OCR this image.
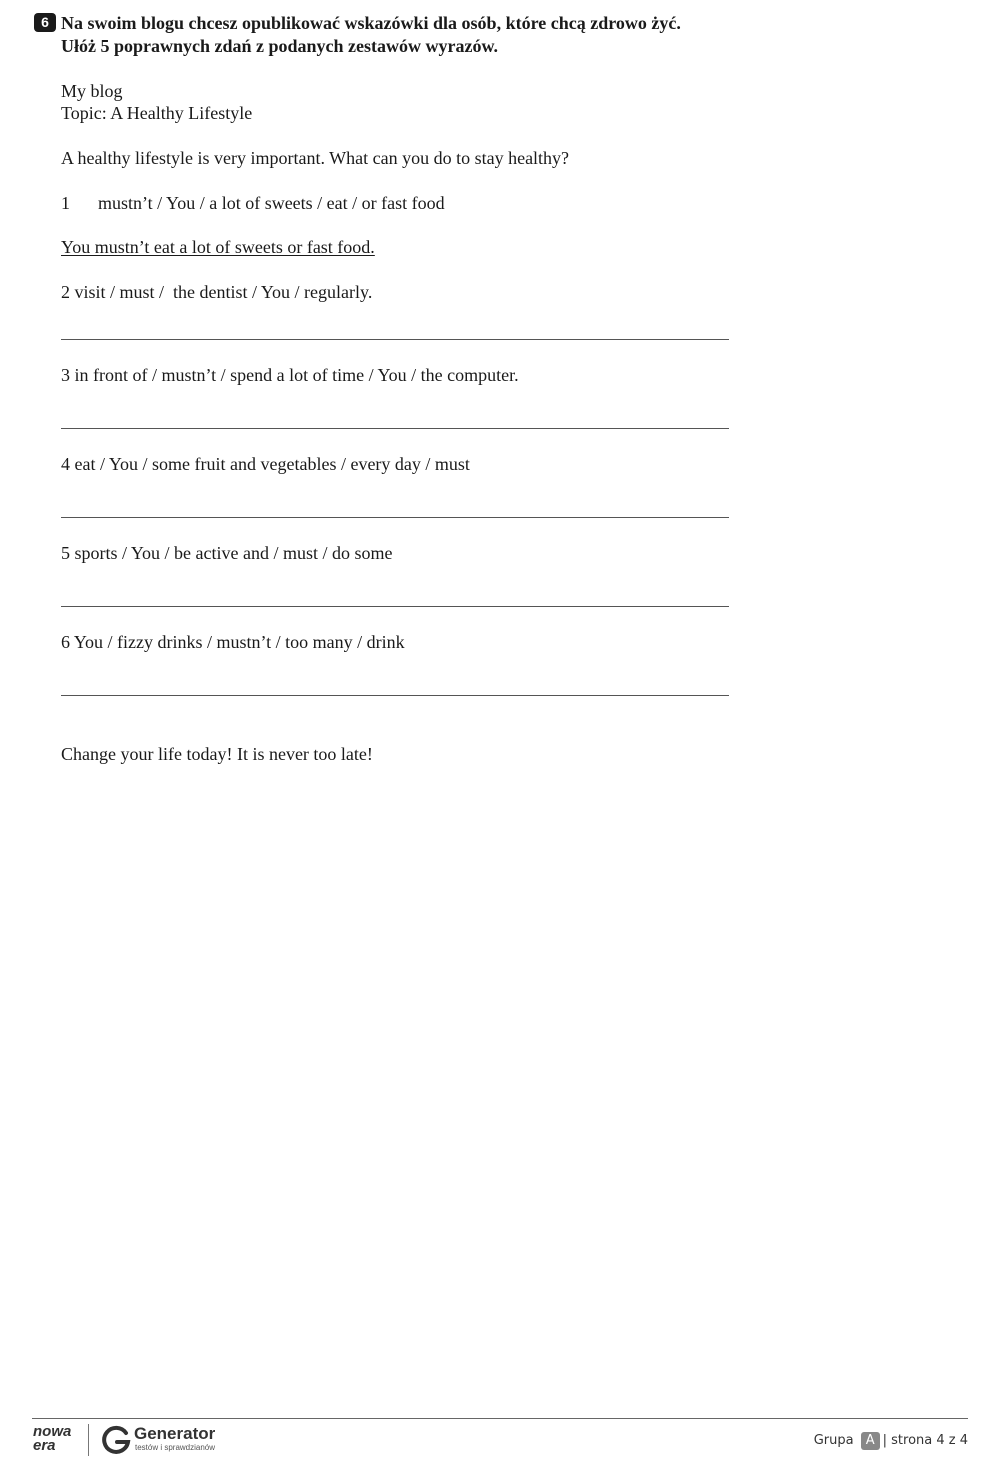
6 Na swoim blogu chcesz opublikować wskazówki dla osób, które chcą zdrowo żyć.
Ułóż 5 poprawnych zdań z podanych zestawów wyrazów.
My blog
Topic: A Healthy Lifestyle
A healthy lifestyle is very important. What can you do to stay healthy?
1 mustn’t / You / a lot of sweets / eat / or fast food
You mustn’t eat a lot of sweets or fast food.
2 visit / must /  the dentist / You / regularly.
3 in front of / mustn’t / spend a lot of time / You / the computer.
4 eat / You / some fruit and vegetables / every day / must
5 sports / You / be active and / must / do some
6 You / fizzy drinks / mustn’t / too many / drink
Change your life today! It is never too late!
nowa
era
Generator
testów i sprawdzianów	Grupa A | strona 4 z 4
